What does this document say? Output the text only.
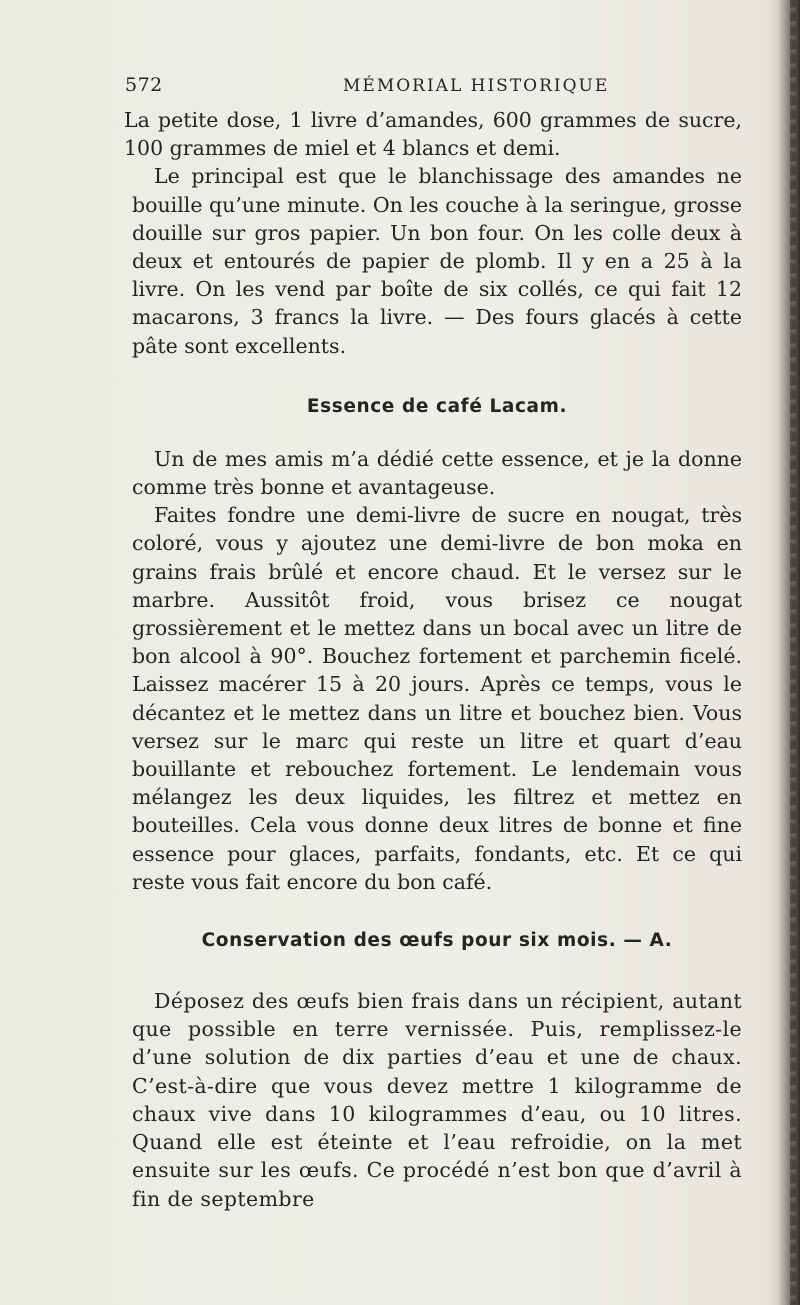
572	MÉMORIAL HISTORIQUE

La petite dose, 1 livre d’amandes, 600 grammes de sucre, 100 grammes de miel et 4 blancs et demi.

Le principal est que le blanchissage des amandes ne bouille qu’une minute. On les couche à la seringue, grosse douille sur gros papier. Un bon four. On les colle deux à deux et entourés de papier de plomb. Il y en a 25 à la livre. On les vend par boîte de six collés, ce qui fait 12 macarons, 3 francs la livre. — Des fours glacés à cette pâte sont excellents.

Essence de café Lacam.

Un de mes amis m’a dédié cette essence, et je la donne comme très bonne et avantageuse.

Faites fondre une demi-livre de sucre en nougat, très coloré, vous y ajoutez une demi-livre de bon moka en grains frais brûlé et encore chaud. Et le versez sur le marbre. Aussitôt froid, vous brisez ce nougat grossièrement et le mettez dans un bocal avec un litre de bon alcool à 90°. Bouchez fortement et parchemin ficelé. Laissez macérer 15 à 20 jours. Après ce temps, vous le décantez et le mettez dans un litre et bouchez bien. Vous versez sur le marc qui reste un litre et quart d’eau bouillante et rebouchez fortement. Le lendemain vous mélangez les deux liquides, les filtrez et mettez en bouteilles. Cela vous donne deux litres de bonne et fine essence pour glaces, parfaits, fondants, etc. Et ce qui reste vous fait encore du bon café.

Conservation des œufs pour six mois. — A.

Déposez des œufs bien frais dans un récipient, autant que possible en terre vernissée. Puis, remplissez-le d’une solution de dix parties d’eau et une de chaux. C’est-à-dire que vous devez mettre 1 kilogramme de chaux vive dans 10 kilogrammes d’eau, ou 10 litres. Quand elle est éteinte et l’eau refroidie, on la met ensuite sur les œufs. Ce procédé n’est bon que d’avril à fin de septembre
